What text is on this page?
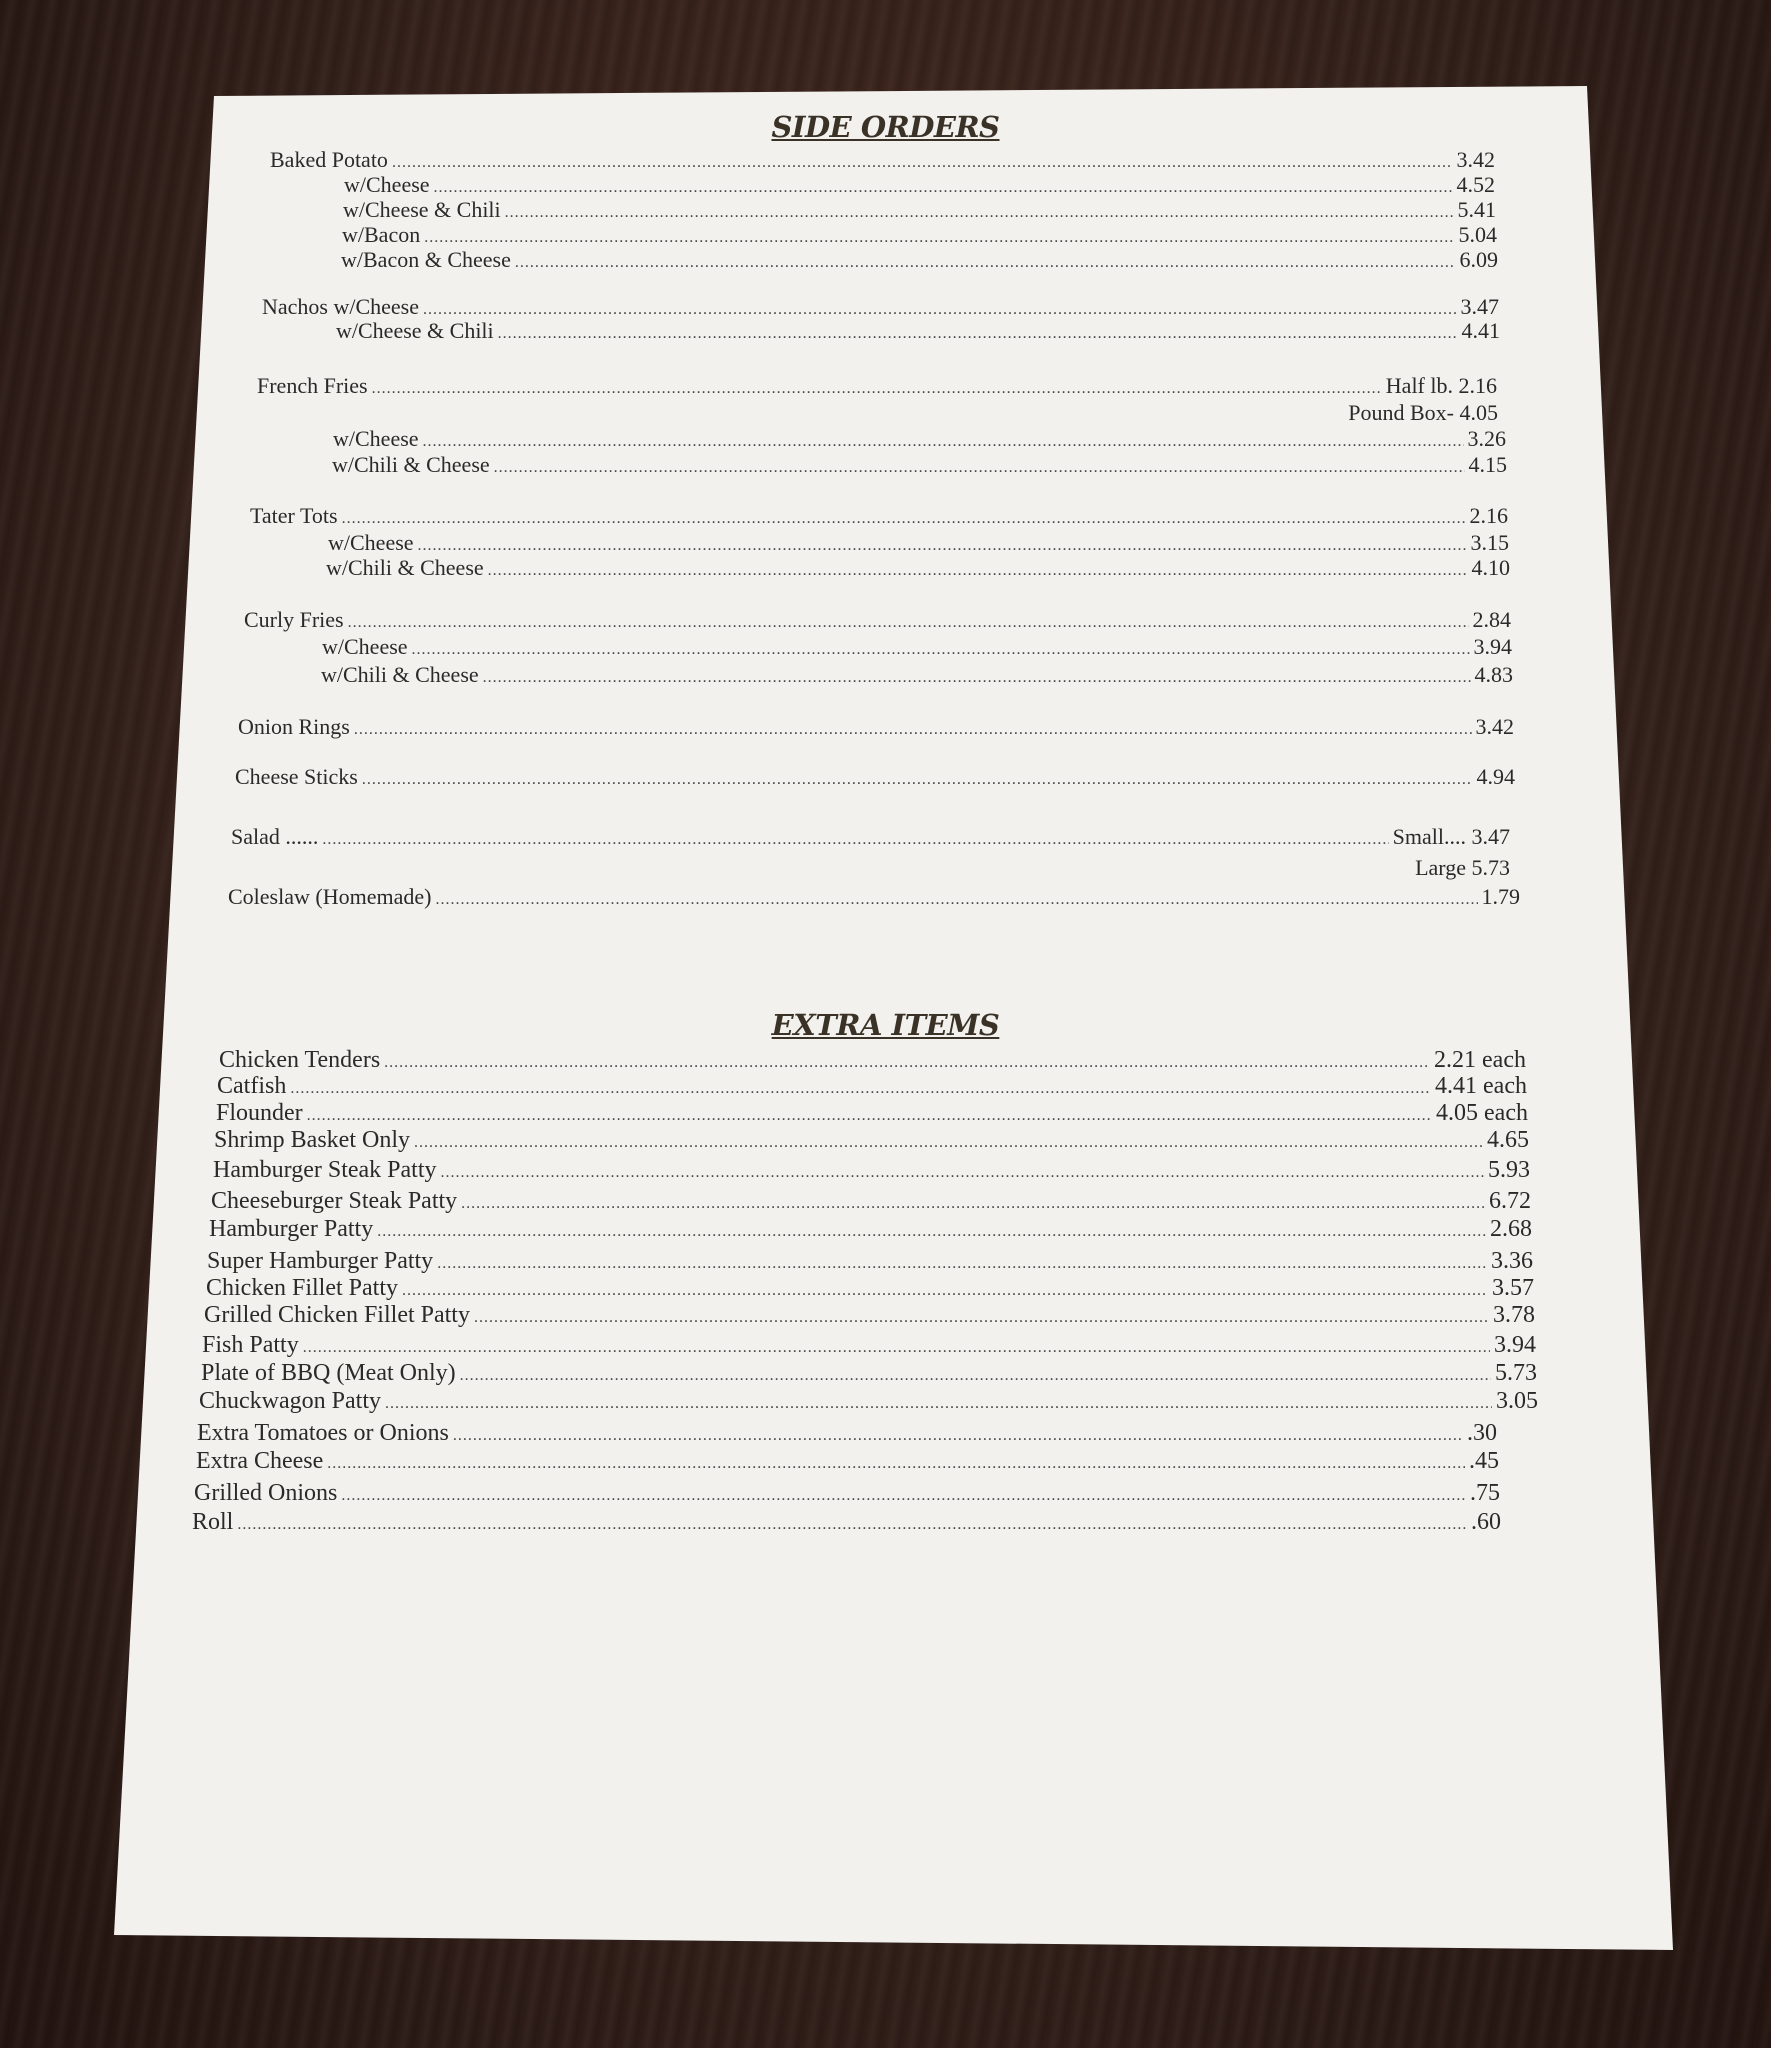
SIDE ORDERS
Baked Potato .....	3.42
w/Cheese .....	4.52
w/Cheese & Chili .....	5.41
w/Bacon .....	5.04
w/Bacon & Cheese .....	6.09
Nachos w/Cheese .....	3.47
w/Cheese & Chili .....	4.41
French Fries .....	Half lb. 2.16
Pound Box- 4.05
w/Cheese .....	3.26
w/Chili & Cheese .....	4.15
Tater Tots .....	2.16
w/Cheese .....	3.15
w/Chili & Cheese .....	4.10
Curly Fries .....	2.84
w/Cheese .....	3.94
w/Chili & Cheese .....	4.83
Onion Rings .....	3.42
Cheese Sticks .....	4.94
Salad ...... .....	Small.... 3.47
Large 5.73
Coleslaw (Homemade) .....	1.79
EXTRA ITEMS
Chicken Tenders .....	2.21 each
Catfish .....	4.41 each
Flounder .....	4.05 each
Shrimp Basket Only .....	4.65
Hamburger Steak Patty .....	5.93
Cheeseburger Steak Patty .....	6.72
Hamburger Patty .....	2.68
Super Hamburger Patty .....	3.36
Chicken Fillet Patty .....	3.57
Grilled Chicken Fillet Patty .....	3.78
Fish Patty .....	3.94
Plate of BBQ (Meat Only) .....	5.73
Chuckwagon Patty .....	3.05
Extra Tomatoes or Onions .....	.30
Extra Cheese .....	.45
Grilled Onions .....	.75
Roll .....	.60
